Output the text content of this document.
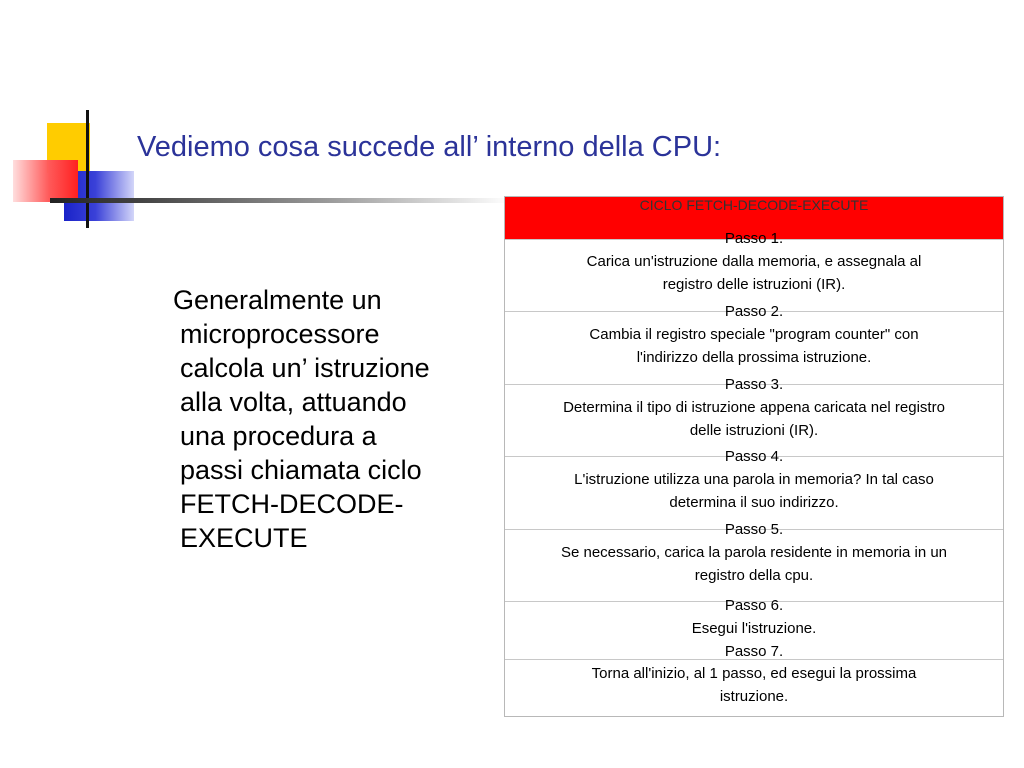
Vediemo cosa succede all’ interno della CPU:
Generalmente un
microprocessore
calcola un’ istruzione
alla volta, attuando
una procedura a
passi chiamata ciclo
FETCH-DECODE-
EXECUTE
CICLO FETCH-DECODE-EXECUTE
Passo 1.
Carica un'istruzione dalla memoria, e assegnala al
registro delle istruzioni (IR).
Passo 2.
Cambia il registro speciale "program counter" con
l'indirizzo della prossima istruzione.
Passo 3.
Determina il tipo di istruzione appena caricata nel registro
delle istruzioni (IR).
Passo 4.
L'istruzione utilizza una parola in memoria? In tal caso
determina il suo indirizzo.
Passo 5.
Se necessario, carica la parola residente in memoria in un
registro della cpu.
Passo 6.
Esegui l'istruzione.
Passo 7.
Torna all'inizio, al 1 passo, ed esegui la prossima
istruzione.
